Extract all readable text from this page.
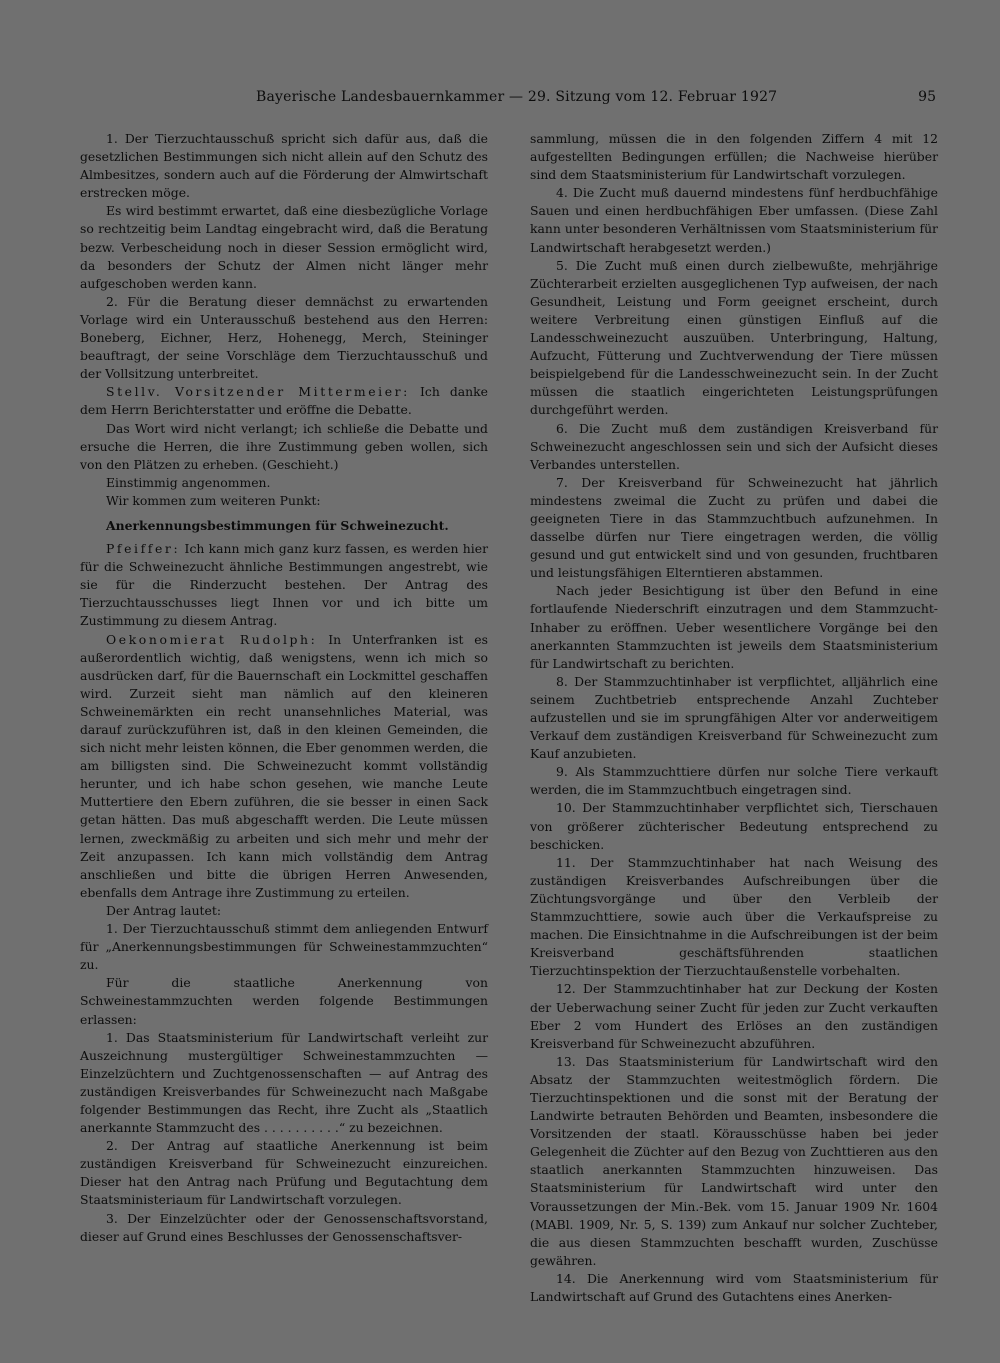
Bayerische Landesbauernkammer — 29. Sitzung vom 12. Februar 1927	95

1. Der Tierzuchtausschuß spricht sich dafür aus, daß die gesetzlichen Bestimmungen sich nicht allein auf den Schutz des Almbesitzes, sondern auch auf die Förderung der Almwirtschaft erstrecken möge.

Es wird bestimmt erwartet, daß eine diesbezügliche Vorlage so rechtzeitig beim Landtag eingebracht wird, daß die Beratung bezw. Verbescheidung noch in dieser Session ermöglicht wird, da besonders der Schutz der Almen nicht länger mehr aufgeschoben werden kann.

2. Für die Beratung dieser demnächst zu erwartenden Vorlage wird ein Unterausschuß bestehend aus den Herren: Boneberg, Eichner, Herz, Hohenegg, Merch, Steininger beauftragt, der seine Vorschläge dem Tierzuchtausschuß und der Vollsitzung unterbreitet.

Stellv. Vorsitzender Mittermeier: Ich danke dem Herrn Berichterstatter und eröffne die Debatte.

Das Wort wird nicht verlangt; ich schließe die Debatte und ersuche die Herren, die ihre Zustimmung geben wollen, sich von den Plätzen zu erheben. (Geschieht.)

Einstimmig angenommen.

Wir kommen zum weiteren Punkt:

Anerkennungsbestimmungen für Schweinezucht.

Pfeiffer: Ich kann mich ganz kurz fassen, es werden hier für die Schweinezucht ähnliche Bestimmungen angestrebt, wie sie für die Rinderzucht bestehen. Der Antrag des Tierzuchtausschusses liegt Ihnen vor und ich bitte um Zustimmung zu diesem Antrag.

Oekonomierat Rudolph: In Unterfranken ist es außerordentlich wichtig, daß wenigstens, wenn ich mich so ausdrücken darf, für die Bauernschaft ein Lockmittel geschaffen wird. Zurzeit sieht man nämlich auf den kleineren Schweinemärkten ein recht unansehnliches Material, was darauf zurückzuführen ist, daß in den kleinen Gemeinden, die sich nicht mehr leisten können, die Eber genommen werden, die am billigsten sind. Die Schweinezucht kommt vollständig herunter, und ich habe schon gesehen, wie manche Leute Muttertiere den Ebern zuführen, die sie besser in einen Sack getan hätten. Das muß abgeschafft werden. Die Leute müssen lernen, zweckmäßig zu arbeiten und sich mehr und mehr der Zeit anzupassen. Ich kann mich vollständig dem Antrag anschließen und bitte die übrigen Herren Anwesenden, ebenfalls dem Antrage ihre Zustimmung zu erteilen.

Der Antrag lautet:

1. Der Tierzuchtausschuß stimmt dem anliegenden Entwurf für „Anerkennungsbestimmungen für Schweinestammzuchten“ zu.

Für die staatliche Anerkennung von Schweinestammzuchten werden folgende Bestimmungen erlassen:

1. Das Staatsministerium für Landwirtschaft verleiht zur Auszeichnung mustergültiger Schweinestammzuchten — Einzelzüchtern und Zuchtgenossenschaften — auf Antrag des zuständigen Kreisverbandes für Schweinezucht nach Maßgabe folgender Bestimmungen das Recht, ihre Zucht als „Staatlich anerkannte Stammzucht des . . . . . . . . . .“ zu bezeichnen.

2. Der Antrag auf staatliche Anerkennung ist beim zuständigen Kreisverband für Schweinezucht einzureichen. Dieser hat den Antrag nach Prüfung und Begutachtung dem Staatsministeriaum für Landwirtschaft vorzulegen.

3. Der Einzelzüchter oder der Genossenschaftsvorstand, dieser auf Grund eines Beschlusses der Genossenschaftsver-

sammlung, müssen die in den folgenden Ziffern 4 mit 12 aufgestellten Bedingungen erfüllen; die Nachweise hierüber sind dem Staatsministerium für Landwirtschaft vorzulegen.

4. Die Zucht muß dauernd mindestens fünf herdbuchfähige Sauen und einen herdbuchfähigen Eber umfassen. (Diese Zahl kann unter besonderen Verhältnissen vom Staatsministerium für Landwirtschaft herabgesetzt werden.)

5. Die Zucht muß einen durch zielbewußte, mehrjährige Züchterarbeit erzielten ausgeglichenen Typ aufweisen, der nach Gesundheit, Leistung und Form geeignet erscheint, durch weitere Verbreitung einen günstigen Einfluß auf die Landesschweinezucht auszuüben. Unterbringung, Haltung, Aufzucht, Fütterung und Zuchtverwendung der Tiere müssen beispielgebend für die Landesschweinezucht sein. In der Zucht müssen die staatlich eingerichteten Leistungsprüfungen durchgeführt werden.

6. Die Zucht muß dem zuständigen Kreisverband für Schweinezucht angeschlossen sein und sich der Aufsicht dieses Verbandes unterstellen.

7. Der Kreisverband für Schweinezucht hat jährlich mindestens zweimal die Zucht zu prüfen und dabei die geeigneten Tiere in das Stammzuchtbuch aufzunehmen. In dasselbe dürfen nur Tiere eingetragen werden, die völlig gesund und gut entwickelt sind und von gesunden, fruchtbaren und leistungsfähigen Elterntieren abstammen.

Nach jeder Besichtigung ist über den Befund in eine fortlaufende Niederschrift einzutragen und dem Stammzucht-Inhaber zu eröffnen. Ueber wesentlichere Vorgänge bei den anerkannten Stammzuchten ist jeweils dem Staatsministerium für Landwirtschaft zu berichten.

8. Der Stammzuchtinhaber ist verpflichtet, alljährlich eine seinem Zuchtbetrieb entsprechende Anzahl Zuchteber aufzustellen und sie im sprungfähigen Alter vor anderweitigem Verkauf dem zuständigen Kreisverband für Schweinezucht zum Kauf anzubieten.

9. Als Stammzuchttiere dürfen nur solche Tiere verkauft werden, die im Stammzuchtbuch eingetragen sind.

10. Der Stammzuchtinhaber verpflichtet sich, Tierschauen von größerer züchterischer Bedeutung entsprechend zu beschicken.

11. Der Stammzuchtinhaber hat nach Weisung des zuständigen Kreisverbandes Aufschreibungen über die Züchtungsvorgänge und über den Verbleib der Stammzuchttiere, sowie auch über die Verkaufspreise zu machen. Die Einsichtnahme in die Aufschreibungen ist der beim Kreisverband geschäftsführenden staatlichen Tierzuchtinspektion der Tierzuchtaußenstelle vorbehalten.

12. Der Stammzuchtinhaber hat zur Deckung der Kosten der Ueberwachung seiner Zucht für jeden zur Zucht verkauften Eber 2 vom Hundert des Erlöses an den zuständigen Kreisverband für Schweinezucht abzuführen.

13. Das Staatsministerium für Landwirtschaft wird den Absatz der Stammzuchten weitestmöglich fördern. Die Tierzuchtinspektionen und die sonst mit der Beratung der Landwirte betrauten Behörden und Beamten, insbesondere die Vorsitzenden der staatl. Körausschüsse haben bei jeder Gelegenheit die Züchter auf den Bezug von Zuchttieren aus den staatlich anerkannten Stammzuchten hinzuweisen. Das Staatsministerium für Landwirtschaft wird unter den Voraussetzungen der Min.-Bek. vom 15. Januar 1909 Nr. 1604 (MABl. 1909, Nr. 5, S. 139) zum Ankauf nur solcher Zuchteber, die aus diesen Stammzuchten beschafft wurden, Zuschüsse gewähren.

14. Die Anerkennung wird vom Staatsministerium für Landwirtschaft auf Grund des Gutachtens eines Anerken-
